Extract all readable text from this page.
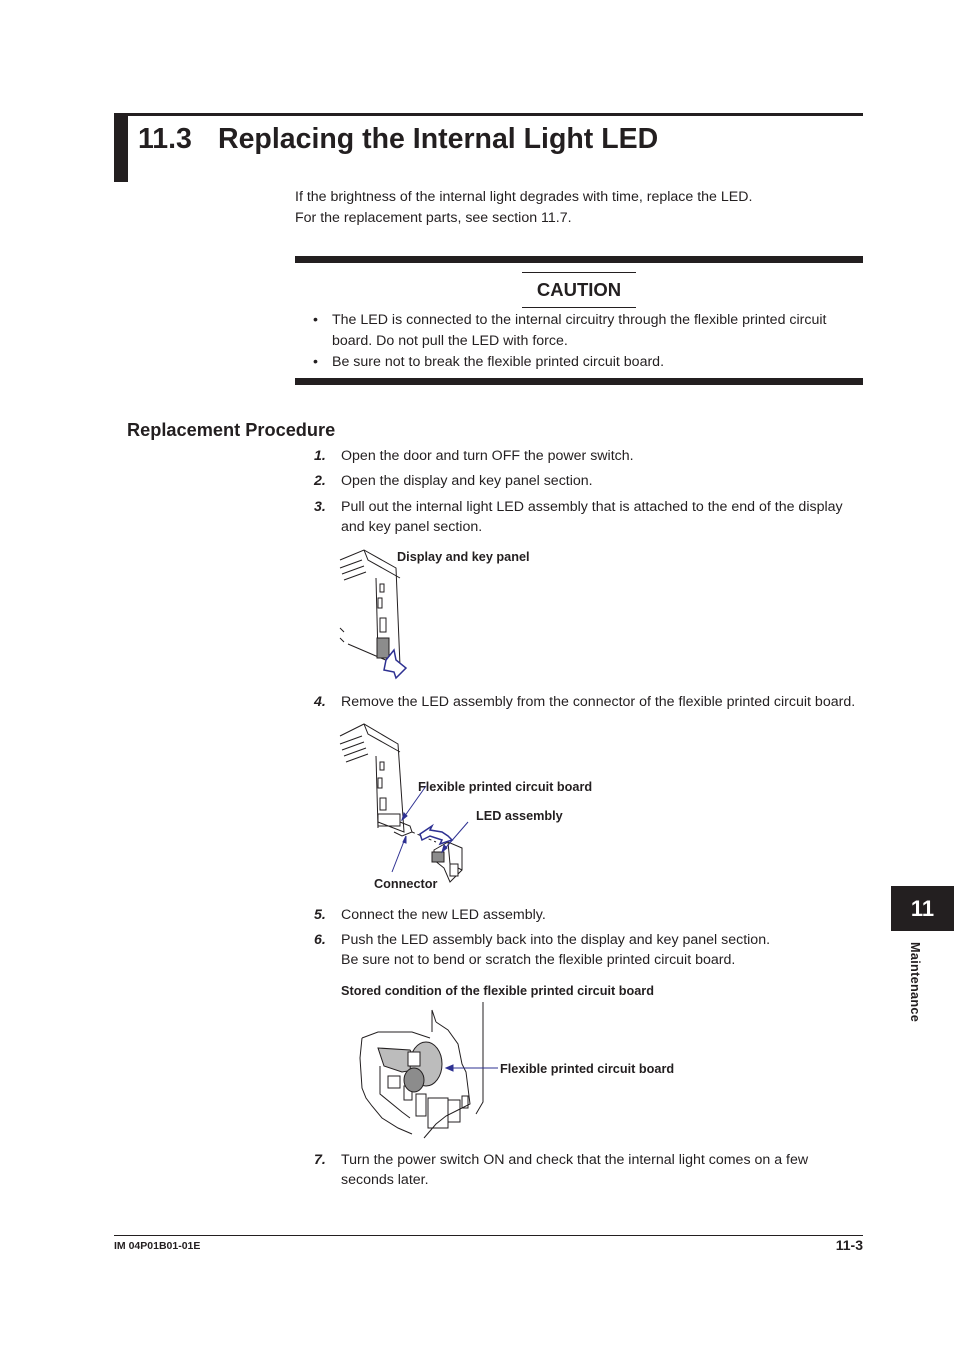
11.3 Replacing the Internal Light LED
If the brightness of the internal light degrades with time, replace the LED.
For the replacement parts, see section 11.7.
CAUTION
• The LED is connected to the internal circuitry through the flexible printed circuit
board. Do not pull the LED with force.
• Be sure not to break the flexible printed circuit board.
Replacement Procedure
1. Open the door and turn OFF the power switch.
2. Open the display and key panel section.
3. Pull out the internal light LED assembly that is attached to the end of the display
and key panel section.
Display and key panel
4. Remove the LED assembly from the connector of the flexible printed circuit board.
Flexible printed circuit board
LED assembly
Connector
5. Connect the new LED assembly.
6. Push the LED assembly back into the display and key panel section.
Be sure not to bend or scratch the flexible printed circuit board.
Stored condition of the flexible printed circuit board
Flexible printed circuit board
7. Turn the power switch ON and check that the internal light comes on a few
seconds later.
11
Maintenance
IM 04P01B01-01E	11-3
